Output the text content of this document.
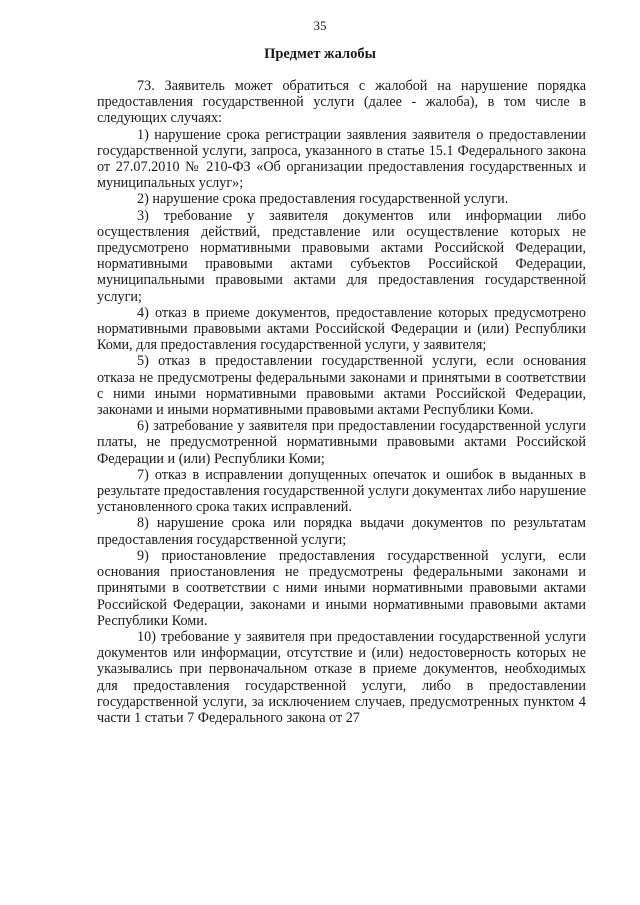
35
Предмет жалобы

73. Заявитель может обратиться с жалобой на нарушение порядка предоставления государственной услуги (далее - жалоба), в том числе в следующих случаях:

1) нарушение срока регистрации заявления заявителя о предоставлении государственной услуги, запроса, указанного в статье 15.1 Федерального закона от 27.07.2010 № 210-ФЗ «Об организации предоставления государственных и муниципальных услуг»;

2) нарушение срока предоставления государственной услуги.

3) требование у заявителя документов или информации либо осуществления действий, представление или осуществление которых не предусмотрено нормативными правовыми актами Российской Федерации, нормативными правовыми актами субъектов Российской Федерации, муниципальными правовыми актами для предоставления государственной услуги;

4) отказ в приеме документов, предоставление которых предусмотрено нормативными правовыми актами Российской Федерации и (или) Республики Коми, для предоставления государственной услуги, у заявителя;

5) отказ в предоставлении государственной услуги, если основания отказа не предусмотрены федеральными законами и принятыми в соответствии с ними иными нормативными правовыми актами Российской Федерации, законами и иными нормативными правовыми актами Республики Коми.

6) затребование у заявителя при предоставлении государственной услуги платы, не предусмотренной нормативными правовыми актами Российской Федерации и (или) Республики Коми;

7) отказ в исправлении допущенных опечаток и ошибок в выданных в результате предоставления государственной услуги документах либо нарушение установленного срока таких исправлений.

8) нарушение срока или порядка выдачи документов по результатам предоставления государственной услуги;

9) приостановление предоставления государственной услуги, если основания приостановления не предусмотрены федеральными законами и принятыми в соответствии с ними иными нормативными правовыми актами Российской Федерации, законами и иными нормативными правовыми актами Республики Коми.

10) требование у заявителя при предоставлении государственной услуги документов или информации, отсутствие и (или) недостоверность которых не указывались при первоначальном отказе в приеме документов, необходимых для предоставления государственной услуги, либо в предоставлении государственной услуги, за исключением случаев, предусмотренных пунктом 4 части 1 статьи 7 Федерального закона от 27
